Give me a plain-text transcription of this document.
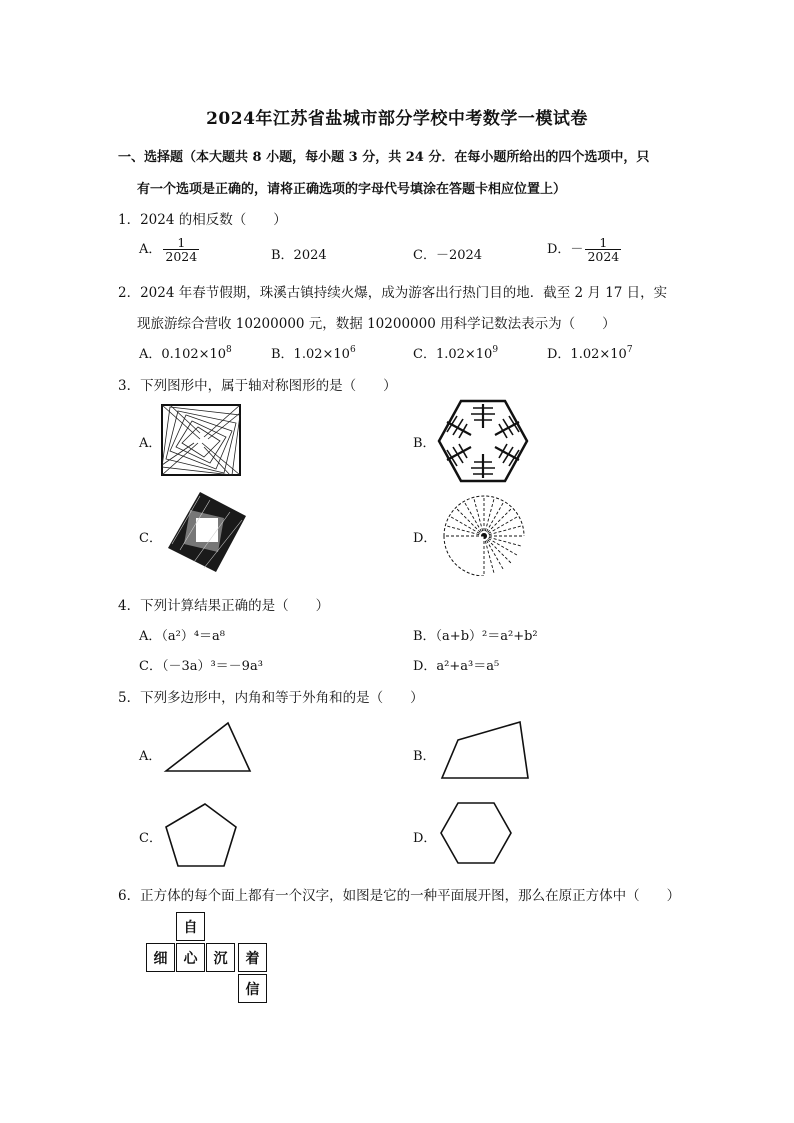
2024年江苏省盐城市部分学校中考数学一模试卷
一、选择题（本大题共 8 小题，每小题 3 分，共 24 分．在每小题所给出的四个选项中，只
有一个选项是正确的，请将正确选项的字母代号填涂在答题卡相应位置上）
1．2024 的相反数（　　）
A． $\frac{1}{2024}$	B．2024	C．－2024	D．－ $\frac{1}{2024}$
2．2024 年春节假期，珠溪古镇持续火爆，成为游客出行热门目的地．截至 2 月 17 日，实
现旅游综合营收 10200000 元，数据 10200000 用科学记数法表示为（　　）
A．$0.102\times 10^8$	B．$1.02\times 10^6$	C．$1.02\times 10^9$	D．$1.02\times 10^7$
3．下列图形中，属于轴对称图形的是（　　）
A．	B．
C．	D．
4．下列计算结果正确的是（　　）
A．（a²）⁴＝a⁸	B．（a+b）²＝a²+b²
C．（－3a）³＝－9a³	D．a²+a³＝a⁵
5．下列多边形中，内角和等于外角和的是（　　）
A．	B．
C．	D．
6．正方体的每个面上都有一个汉字，如图是它的一种平面展开图，那么在原正方体中（　　）
自
细	心	沉	着
信
